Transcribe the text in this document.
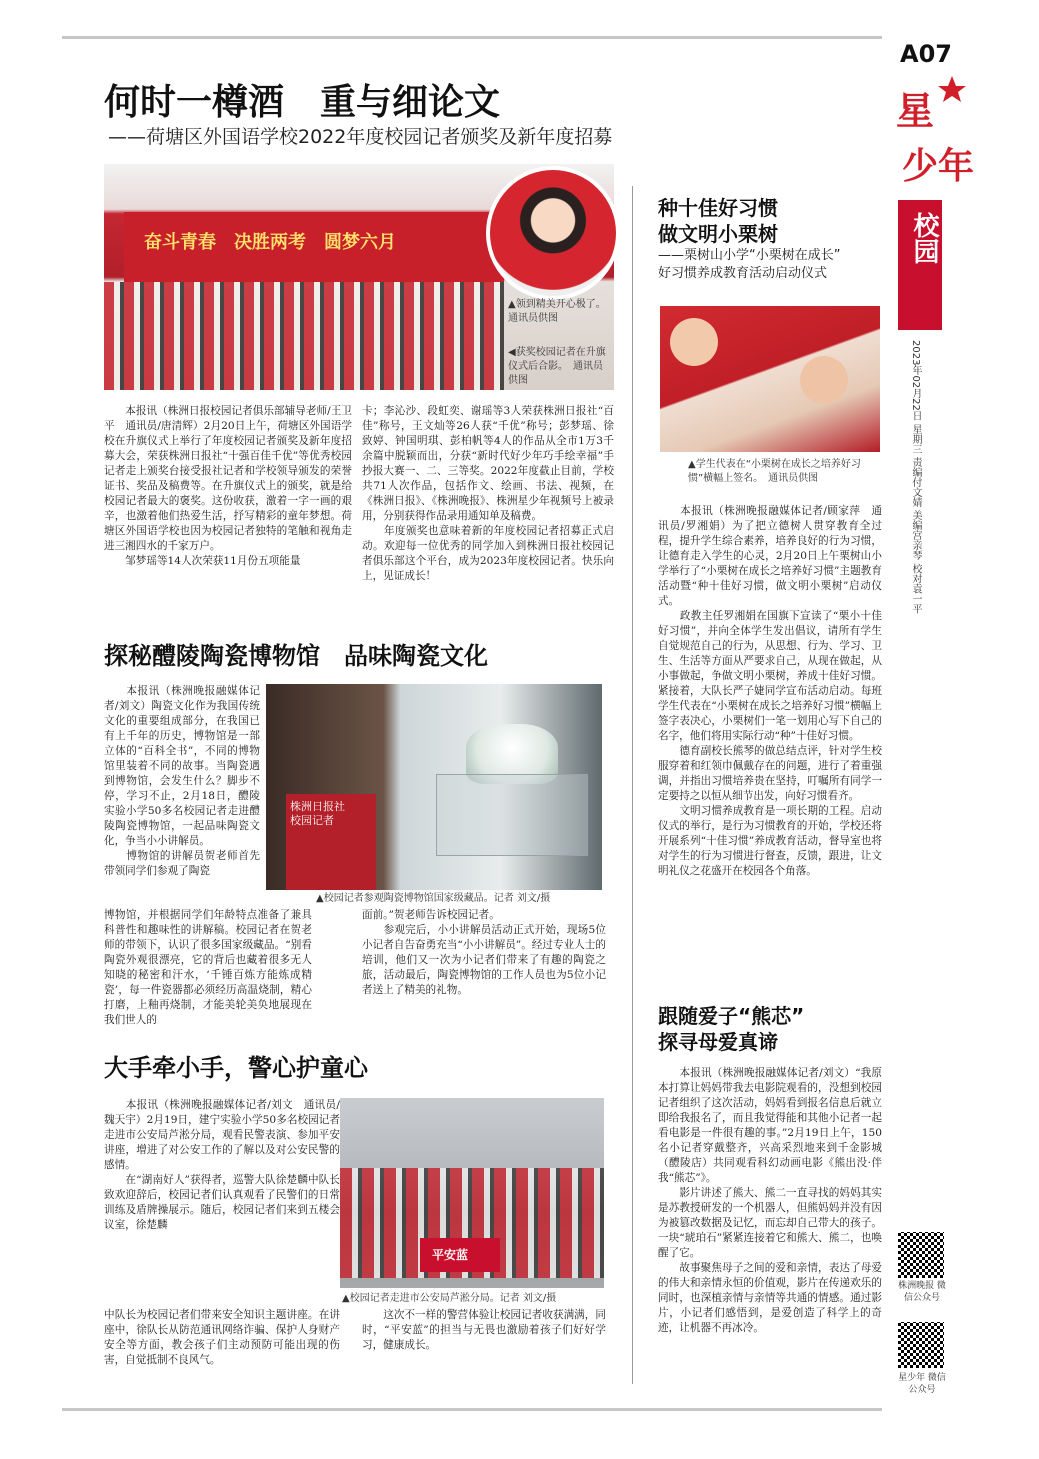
A07
星
少年
校园
2023年02月22日 星期三 责编付文婧 美编宫亲琴 校对袁一平
何时一樽酒　重与细论文
——荷塘区外国语学校2022年度校园记者颁奖及新年度招募
奋斗青春　决胜两考　圆梦六月
▲领到精美开心极了。　通讯员供图
◀获奖校园记者在升旗仪式后合影。　通讯员供图
　　本报讯（株洲日报校园记者俱乐部辅导老师/王卫平　通讯员/唐清辉）2月20日上午，荷塘区外国语学校在升旗仪式上举行了年度校园记者颁奖及新年度招募大会，荣获株洲日报社“十强百佳千优”等优秀校园记者走上颁奖台接受报社记者和学校领导颁发的荣誉证书、奖品及稿费等。在升旗仪式上的颁奖，就是给校园记者最大的褒奖。这份收获，激着一字一画的艰辛，也激着他们热爱生活，抒写精彩的童年梦想。荷塘区外国语学校也因为校园记者独特的笔触和视角走进三湘四水的千家万户。
　　邹梦瑶等14人次荣获11月份五项能量
卡；李沁沙、段虹奕、谢瑶等3人荣获株洲日报社“百佳”称号，王文灿等26人获“千优”称号；彭梦瑶、徐致婷、钟国明琪、彭柏帆等4人的作品从全市1万3千余篇中脱颖而出，分获“新时代好少年巧手绘幸福”手抄报大赛一、二、三等奖。2022年度截止目前，学校共71人次作品，包括作文、绘画、书法、视频，在《株洲日报》、《株洲晚报》、株洲星少年视频号上被录用，分别获得作品录用通知单及稿费。
　　年度颁奖也意味着新的年度校园记者招募正式启动。欢迎每一位优秀的同学加入到株洲日报社校园记者俱乐部这个平台，成为2023年度校园记者。快乐向上，见证成长！
探秘醴陵陶瓷博物馆　品味陶瓷文化
　　本报讯（株洲晚报融媒体记者/刘文）陶瓷文化作为我国传统文化的重要组成部分，在我国已有上千年的历史，博物馆是一部立体的“百科全书”，不同的博物馆里装着不同的故事。当陶瓷遇到博物馆，会发生什么？脚步不停，学习不止，2月18日，醴陵实验小学50多名校园记者走进醴陵陶瓷博物馆，一起品味陶瓷文化，争当小小讲解员。
　　博物馆的讲解员贺老师首先带领同学们参观了陶瓷
株洲日报社　校园记者
▲校园记者参观陶瓷博物馆国家级藏品。记者 刘文/摄
博物馆，并根据同学们年龄特点准备了兼具科普性和趣味性的讲解稿。校园记者在贺老师的带领下，认识了很多国家级藏品。“别看陶瓷外观很漂亮，它的背后也藏着很多无人知晓的秘密和汗水，‘千锤百炼方能炼成精瓷’，每一件瓷器都必须经历高温烧制，精心打磨，上釉再烧制，才能美轮美奂地展现在我们世人的
面前。”贺老师告诉校园记者。
　　参观完后，小小讲解员活动正式开始，现场5位小记者自告奋勇充当“小小讲解员”。经过专业人士的培训，他们又一次为小记者们带来了有趣的陶瓷之旅，活动最后，陶瓷博物馆的工作人员也为5位小记者送上了精美的礼物。
大手牵小手，警心护童心
　　本报讯（株洲晚报融媒体记者/刘文　通讯员/魏天宇）2月19日，建宁实验小学50多名校园记者走进市公安局芦淞分局，观看民警表演、参加平安讲座，增进了对公安工作的了解以及对公安民警的感情。
　　在“湖南好人”获得者，巡警大队徐楚麟中队长致欢迎辞后，校园记者们认真观看了民警们的日常训练及盾牌操展示。随后，校园记者们来到五楼会议室，徐楚麟
平安蓝
▲校园记者走进市公安局芦淞分局。记者 刘文/摄
中队长为校园记者们带来安全知识主题讲座。在讲座中，徐队长从防范通讯网络诈骗、保护人身财产安全等方面，教会孩子们主动预防可能出现的伤害，自觉抵制不良风气。
　　这次不一样的警营体验让校园记者收获满满，同时，“平安蓝”的担当与无畏也激励着孩子们好好学习，健康成长。
种十佳好习惯
做文明小栗树
——栗树山小学“小栗树在成长”
好习惯养成教育活动启动仪式
▲学生代表在“小栗树在成长之培养好习惯”横幅上签名。　通讯员供图
　　本报讯（株洲晚报融媒体记者/顾家萍　通讯员/罗湘娟）为了把立德树人贯穿教育全过程，提升学生综合素养，培养良好的行为习惯，让德育走入学生的心灵，2月20日上午栗树山小学举行了“小栗树在成长之培养好习惯”主题教育活动暨“种十佳好习惯，做文明小栗树”启动仪式。
　　政教主任罗湘娟在国旗下宣读了“栗小十佳好习惯”，并向全体学生发出倡议，请所有学生自觉规范自己的行为，从思想、行为、学习、卫生、生活等方面从严要求自己，从现在做起，从小事做起，争做文明小栗树，养成十佳好习惯。紧接着，大队长严子婕同学宣布活动启动。每班学生代表在“小栗树在成长之培养好习惯”横幅上签字表决心，小栗树们一笔一划用心写下自己的名字，他们将用实际行动“种”十佳好习惯。
　　德育副校长熊琴的做总结点评，针对学生校服穿着和红领巾佩戴存在的问题，进行了着重强调，并指出习惯培养贵在坚持，叮嘱所有同学一定要持之以恒从细节出发，向好习惯看齐。
　　文明习惯养成教育是一项长期的工程。启动仪式的举行，是行为习惯教育的开始，学校还将开展系列“十佳习惯”养成教育活动，督导室也将对学生的行为习惯进行督查，反馈，跟进，让文明礼仪之花盛开在校园各个角落。
跟随爱子“熊芯”
探寻母爱真谛
　　本报讯（株洲晚报融媒体记者/刘文）“我原本打算让妈妈带我去电影院观看的，没想到校园记者组织了这次活动，妈妈看到报名信息后就立即给我报名了，而且我觉得能和其他小记者一起看电影是一件很有趣的事。”2月19日上午，150名小记者穿戴整齐，兴高采烈地来到千金影城（醴陵店）共同观看科幻动画电影《熊出没·伴我“熊芯”》。
　　影片讲述了熊大、熊二一直寻找的妈妈其实是苏教授研发的一个机器人，但熊妈妈并没有因为被篡改数据及记忆，而忘却自己带大的孩子。一块“琥珀石”紧紧连接着它和熊大、熊二，也唤醒了它。
　　故事聚焦母子之间的爱和亲情，表达了母爱的伟大和亲情永恒的价值观，影片在传递欢乐的同时，也深植亲情与亲情等共通的情感。通过影片，小记者们感悟到，是爱创造了科学上的奇迹，让机器不再冰冷。
株洲晚报 微信公众号
星少年 微信公众号
